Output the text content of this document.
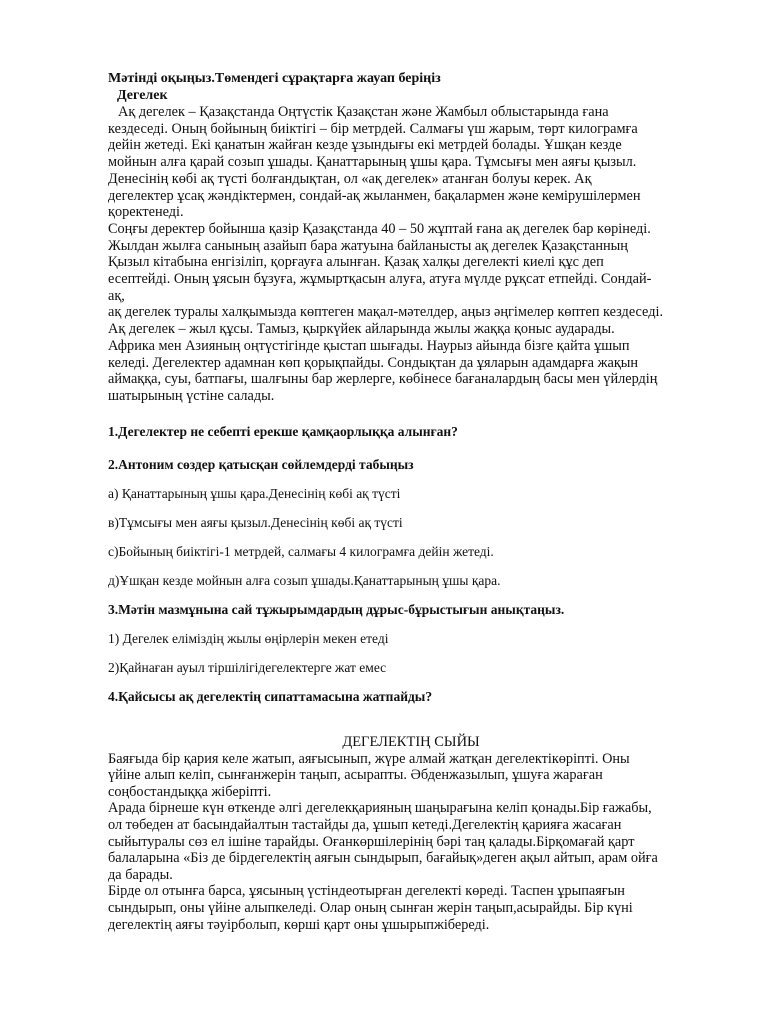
Мәтінді оқыңыз.Төмендегі сұрақтарға жауап беріңіз

Дегелек

Ақ дегелек – Қазақстанда Оңтүстік Қазақстан және Жамбыл облыстарында ғана

кездеседі. Оның бойының биіктігі – бір метрдей. Салмағы үш жарым, төрт килограмға

дейін жетеді. Екі қанатын жайған кезде ұзындығы екі метрдей болады. Ұшқан кезде

мойнын алға қарай созып ұшады. Қанаттарының ұшы қара. Тұмсығы мен аяғы қызыл.

Денесінің көбі ақ түсті болғандықтан, ол «ақ дегелек» атанған болуы керек. Ақ

дегелектер ұсақ жәндіктермен, сондай-ақ жыланмен, бақалармен және кемірушілермен

қоректенеді.

Соңғы деректер бойынша қазір Қазақстанда 40 – 50 жұптай ғана ақ дегелек бар көрінеді.

Жылдан жылға санының азайып бара жатуына байланысты ақ дегелек Қазақстанның

Қызыл кітабына енгізіліп, қорғауға алынған. Қазақ халқы дегелекті киелі құс деп

есептейді. Оның ұясын бұзуға, жұмыртқасын алуға, атуға мүлде рұқсат етпейді. Сондай-

ақ,

ақ дегелек туралы халқымызда көптеген мақал-мәтелдер, аңыз әңгімелер көптеп кездеседі.

Ақ дегелек – жыл құсы. Тамыз, қыркүйек айларында жылы жаққа қоныс аударады.

Африка мен Азияның оңтүстігінде қыстап шығады. Наурыз айында бізге қайта ұшып

келеді. Дегелектер адамнан көп қорықпайды. Сондықтан да ұяларын адамдарға жақын

аймаққа, суы, батпағы, шалғыны бар жерлерге, көбінесе бағаналардың басы мен үйлердің

шатырының үстіне салады.

1.Дегелектер не себепті ерекше қамқаорлыққа алынған?

2.Антоним сөздер қатысқан сөйлемдерді табыңыз

а) Қанаттарының ұшы қара.Денесінің көбі ақ түсті

в)Тұмсығы мен аяғы қызыл.Денесінің көбі ақ түсті

с)Бойының биіктігі-1 метрдей, салмағы 4 килограмға дейін жетеді.

д)Ұшқан кезде мойнын алға созып ұшады.Қанаттарының ұшы қара.

3.Мәтін мазмұнына сай тұжырымдардың дұрыс-бұрыстығын анықтаңыз.

1) Дегелек еліміздің жылы өңірлерін мекен етеді

2)Қайнаған ауыл тіршілігідегелектерге жат емес

4.Қайсысы ақ дегелектің сипаттамасына жатпайды?

ДЕГЕЛЕКТІҢ СЫЙЫ

Баяғыда бір қария келе жатып, аяғысынып, жүре алмай жатқан дегелектікөріпті. Оны

үйіне алып келіп, сынғанжерін таңып, асырапты. Әбденжазылып, ұшуға жараған

соңбостандыққа жіберіпті.

Арада бірнеше күн өткенде әлгі дегелекқарияның шаңырағына келіп қонады.Бір ғажабы,

ол төбеден ат басындайалтын тастайды да, ұшып кетеді.Дегелектің қарияға жасаған

сыйытуралы сөз ел ішіне тарайды. Оғанкөршілерінің бәрі таң қалады.Бірқомағай қарт

балаларына «Біз де бірдегелектің аяғын сындырып, бағайық»деген ақыл айтып, арам ойға

да барады.

Бірде ол отынға барса, ұясының үстіндеотырған дегелекті көреді. Таспен ұрыпаяғын

сындырып, оны үйіне алыпкеледі. Олар оның сынған жерін таңып,асырайды. Бір күні

дегелектің аяғы тәуірболып, көрші қарт оны ұшырыпжібереді.
